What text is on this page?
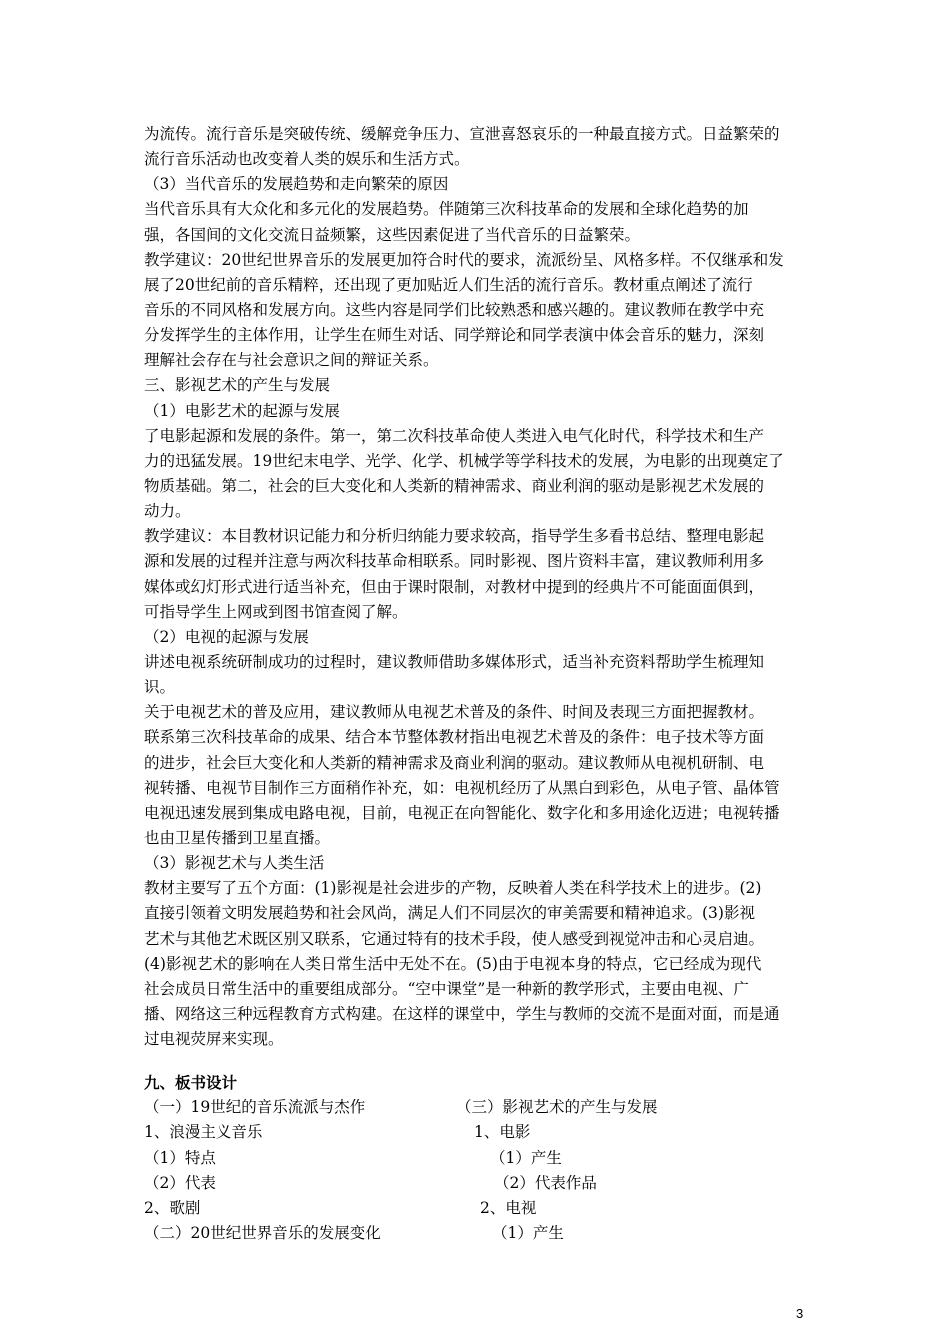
为流传。流行音乐是突破传统、缓解竞争压力、宣泄喜怒哀乐的一种最直接方式。日益繁荣的
流行音乐活动也改变着人类的娱乐和生活方式。
（3）当代音乐的发展趋势和走向繁荣的原因
当代音乐具有大众化和多元化的发展趋势。伴随第三次科技革命的发展和全球化趋势的加
强，各国间的文化交流日益频繁，这些因素促进了当代音乐的日益繁荣。
教学建议：20世纪世界音乐的发展更加符合时代的要求，流派纷呈、风格多样。不仅继承和发
展了20世纪前的音乐精粹，还出现了更加贴近人们生活的流行音乐。教材重点阐述了流行
音乐的不同风格和发展方向。这些内容是同学们比较熟悉和感兴趣的。建议教师在教学中充
分发挥学生的主体作用，让学生在师生对话、同学辩论和同学表演中体会音乐的魅力，深刻
理解社会存在与社会意识之间的辩证关系。
三、影视艺术的产生与发展
（1）电影艺术的起源与发展
了电影起源和发展的条件。第一，第二次科技革命使人类进入电气化时代，科学技术和生产
力的迅猛发展。19世纪末电学、光学、化学、机械学等学科技术的发展，为电影的出现奠定了
物质基础。第二，社会的巨大变化和人类新的精神需求、商业利润的驱动是影视艺术发展的
动力。
教学建议：本目教材识记能力和分析归纳能力要求较高，指导学生多看书总结、整理电影起
源和发展的过程并注意与两次科技革命相联系。同时影视、图片资料丰富，建议教师利用多
媒体或幻灯形式进行适当补充，但由于课时限制，对教材中提到的经典片不可能面面俱到，
可指导学生上网或到图书馆查阅了解。
（2）电视的起源与发展
讲述电视系统研制成功的过程时，建议教师借助多媒体形式，适当补充资料帮助学生梳理知
识。
关于电视艺术的普及应用，建议教师从电视艺术普及的条件、时间及表现三方面把握教材。
联系第三次科技革命的成果、结合本节整体教材指出电视艺术普及的条件：电子技术等方面
的进步，社会巨大变化和人类新的精神需求及商业利润的驱动。建议教师从电视机研制、电
视转播、电视节目制作三方面稍作补充，如：电视机经历了从黑白到彩色，从电子管、晶体管
电视迅速发展到集成电路电视，目前，电视正在向智能化、数字化和多用途化迈进；电视转播
也由卫星传播到卫星直播。
（3）影视艺术与人类生活
教材主要写了五个方面：(1)影视是社会进步的产物，反映着人类在科学技术上的进步。(2)
直接引领着文明发展趋势和社会风尚，满足人们不同层次的审美需要和精神追求。(3)影视
艺术与其他艺术既区别又联系，它通过特有的技术手段，使人感受到视觉冲击和心灵启迪。
(4)影视艺术的影响在人类日常生活中无处不在。(5)由于电视本身的特点，它已经成为现代
社会成员日常生活中的重要组成部分。“空中课堂”是一种新的教学形式，主要由电视、广
播、网络这三种远程教育方式构建。在这样的课堂中，学生与教师的交流不是面对面，而是通
过电视荧屏来实现。
九、板书设计
（一）19世纪的音乐流派与杰作	（三）影视艺术的产生与发展
1、浪漫主义音乐	1、电影
（1）特点	（1）产生
（2）代表	（2）代表作品
2、歌剧	2、电视
（二）20世纪世界音乐的发展变化	（1）产生
3
